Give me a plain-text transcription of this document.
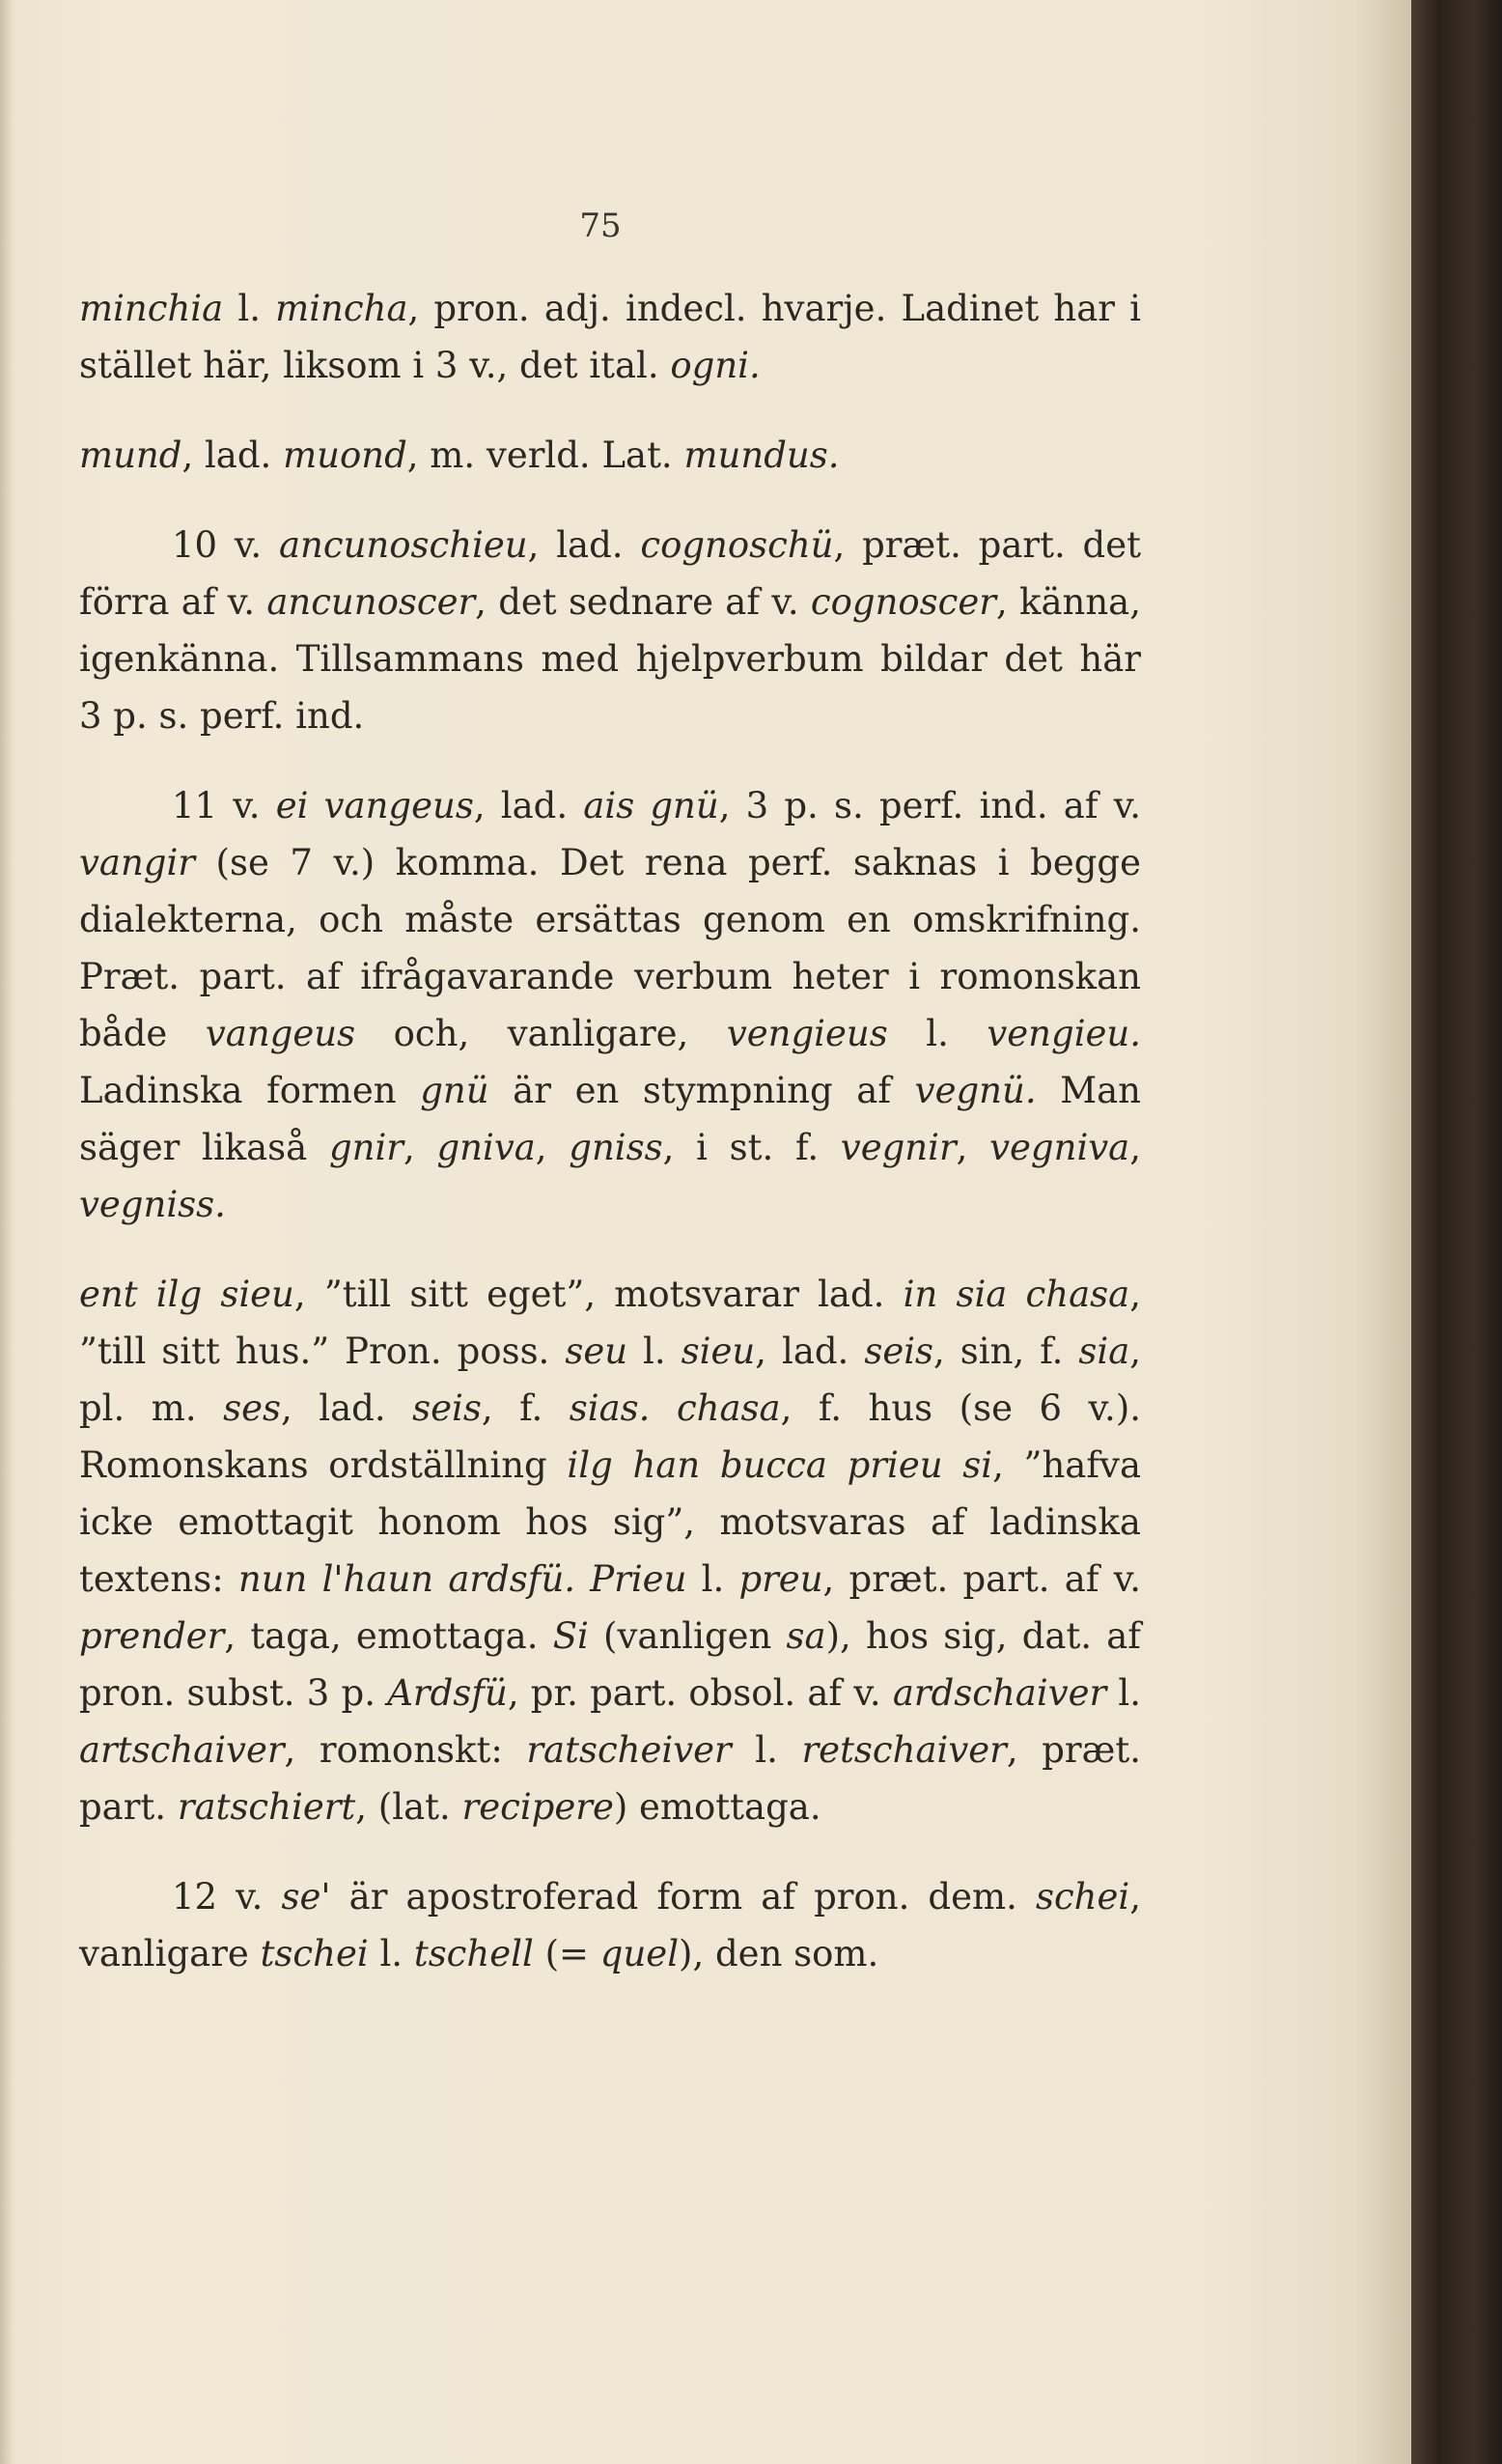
75

minchia l. mincha, pron. adj. indecl. hvarje. Ladinet har i stället här, liksom i 3 v., det ital. ogni.

mund, lad. muond, m. verld. Lat. mundus.

10 v. ancunoschieu, lad. cognoschü, præt. part. det förra af v. ancunoscer, det sednare af v. cognoscer, känna, igenkänna. Tillsammans med hjelpverbum bildar det här 3 p. s. perf. ind.

11 v. ei vangeus, lad. ais gnü, 3 p. s. perf. ind. af v. vangir (se 7 v.) komma. Det rena perf. saknas i begge dialekterna, och måste ersättas genom en omskrifning. Præt. part. af ifrågavarande verbum heter i romonskan både vangeus och, vanligare, vengieus l. vengieu. Ladinska formen gnü är en stympning af vegnü. Man säger likaså gnir, gniva, gniss, i st. f. vegnir, vegniva, vegniss.

ent ilg sieu, ”till sitt eget”, motsvarar lad. in sia chasa, ”till sitt hus.” Pron. poss. seu l. sieu, lad. seis, sin, f. sia, pl. m. ses, lad. seis, f. sias. chasa, f. hus (se 6 v.). Romonskans ordställning ilg han bucca prieu si, ”hafva icke emottagit honom hos sig”, motsvaras af ladinska textens: nun l'haun ardsfü. Prieu l. preu, præt. part. af v. prender, taga, emottaga. Si (vanligen sa), hos sig, dat. af pron. subst. 3 p. Ardsfü, pr. part. obsol. af v. ardschaiver l. artschaiver, romonskt: ratscheiver l. retschaiver, præt. part. ratschiert, (lat. recipere) emottaga.

12 v. se' är apostroferad form af pron. dem. schei, vanligare tschei l. tschell (= quel), den som.
